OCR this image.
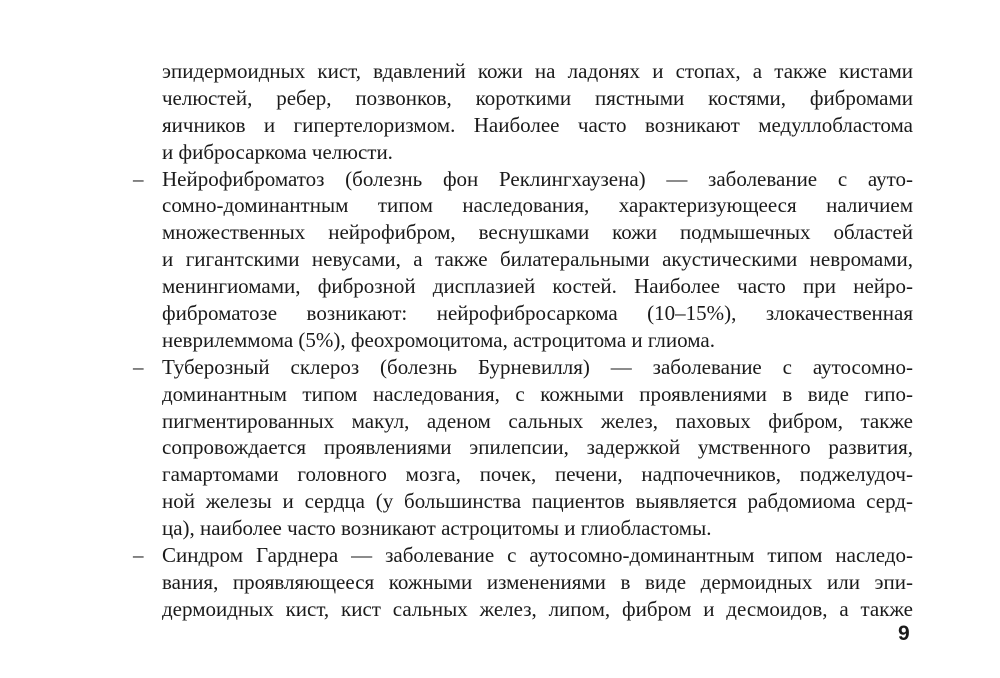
эпидермоидных кист, вдавлений кожи на ладонях и стопах, а также кистами
челюстей, ребер, позвонков, короткими пястными костями, фибромами
яичников и гипертелоризмом. Наиболее часто возникают медуллобластома
и фибросаркома челюсти.
– Нейрофиброматоз (болезнь фон Реклингхаузена) — заболевание с ауто-
сомно-доминантным типом наследования, характеризующееся наличием
множественных нейрофибром, веснушками кожи подмышечных областей
и гигантскими невусами, а также билатеральными акустическими невромами,
менингиомами, фиброзной дисплазией костей. Наиболее часто при нейро-
фиброматозе возникают: нейрофибросаркома (10–15%), злокачественная
неврилеммома (5%), феохромоцитома, астроцитома и глиома.
– Туберозный склероз (болезнь Бурневилля) — заболевание с аутосомно-
доминантным типом наследования, с кожными проявлениями в виде гипо-
пигментированных макул, аденом сальных желез, паховых фибром, также
сопровождается проявлениями эпилепсии, задержкой умственного развития,
гамартомами головного мозга, почек, печени, надпочечников, поджелудоч-
ной железы и сердца (у большинства пациентов выявляется рабдомиома серд-
ца), наиболее часто возникают астроцитомы и глиобластомы.
– Синдром Гарднера — заболевание с аутосомно-доминантным типом наследо-
вания, проявляющееся кожными изменениями в виде дермоидных или эпи-
дермоидных кист, кист сальных желез, липом, фибром и десмоидов, а также
9
